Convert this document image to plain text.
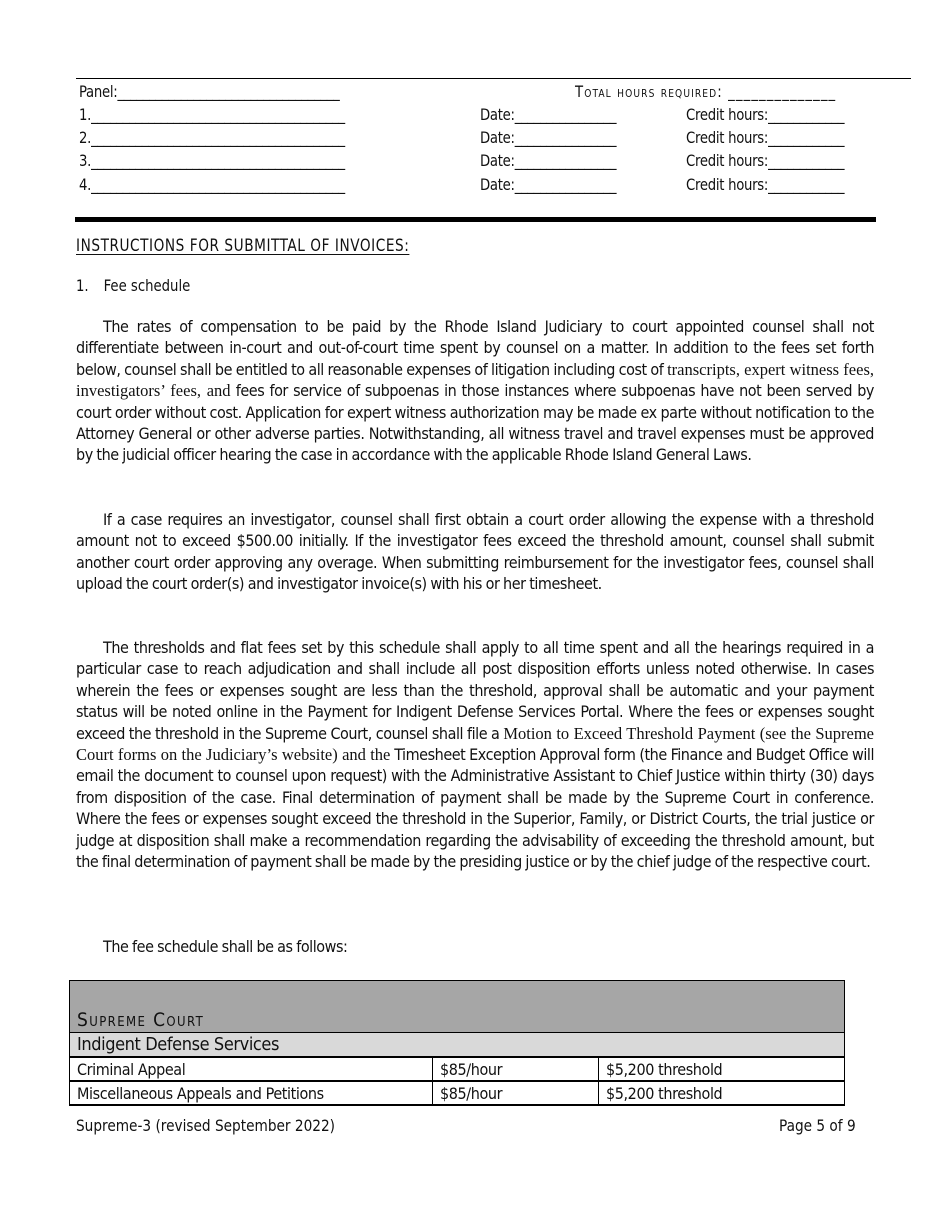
Panel:___________________________________	Total hours required: ______________
1.________________________________________	Date:________________	Credit hours:____________
2.________________________________________	Date:________________	Credit hours:____________
3.________________________________________	Date:________________	Credit hours:____________
4.________________________________________	Date:________________	Credit hours:____________
INSTRUCTIONS FOR SUBMITTAL OF INVOICES:
1. Fee schedule

The rates of compensation to be paid by the Rhode Island Judiciary to court appointed counsel shall not differentiate between in-court and out-of-court time spent by counsel on a matter. In addition to the fees set forth below, counsel shall be entitled to all reasonable expenses of litigation including cost of transcripts, expert witness fees, investigators’ fees, and fees for service of subpoenas in those instances where subpoenas have not been served by court order without cost. Application for expert witness authorization may be made ex parte without notification to the Attorney General or other adverse parties. Notwithstanding, all witness travel and travel expenses must be approved by the judicial officer hearing the case in accordance with the applicable Rhode Island General Laws.

If a case requires an investigator, counsel shall first obtain a court order allowing the expense with a threshold amount not to exceed $500.00 initially. If the investigator fees exceed the threshold amount, counsel shall submit another court order approving any overage. When submitting reimbursement for the investigator fees, counsel shall upload the court order(s) and investigator invoice(s) with his or her timesheet.

The thresholds and flat fees set by this schedule shall apply to all time spent and all the hearings required in a particular case to reach adjudication and shall include all post disposition efforts unless noted otherwise. In cases wherein the fees or expenses sought are less than the threshold, approval shall be automatic and your payment status will be noted online in the Payment for Indigent Defense Services Portal. Where the fees or expenses sought exceed the threshold in the Supreme Court, counsel shall file a Motion to Exceed Threshold Payment (see the Supreme Court forms on the Judiciary’s website) and the Timesheet Exception Approval form (the Finance and Budget Office will email the document to counsel upon request) with the Administrative Assistant to Chief Justice within thirty (30) days from disposition of the case. Final determination of payment shall be made by the Supreme Court in conference. Where the fees or expenses sought exceed the threshold in the Superior, Family, or District Courts, the trial justice or judge at disposition shall make a recommendation regarding the advisability of exceeding the threshold amount, but the final determination of payment shall be made by the presiding justice or by the chief judge of the respective court.

The fee schedule shall be as follows:

Supreme Court		
Indigent Defense Services		
Criminal Appeal	$85/hour	$5,200 threshold
Miscellaneous Appeals and Petitions	$85/hour	$5,200 threshold
Supreme-3 (revised September 2022)	Page 5 of 9
